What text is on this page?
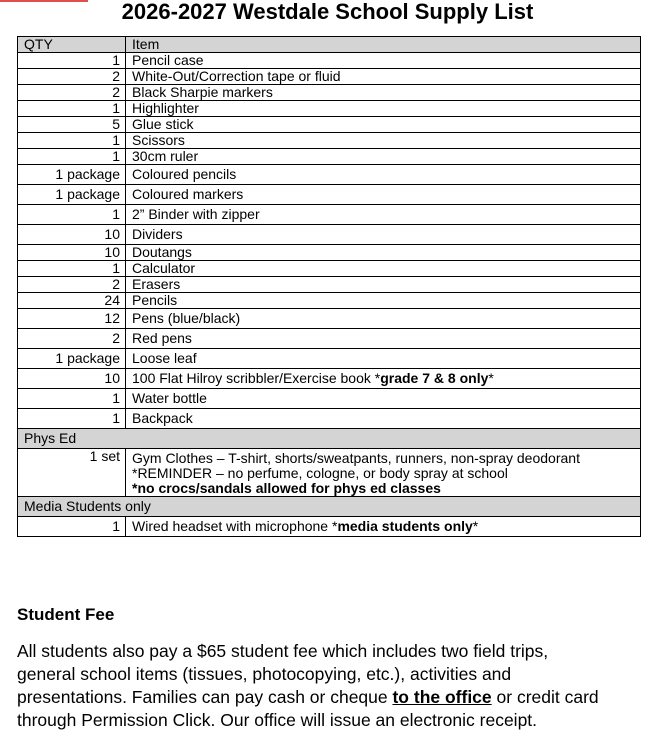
2026-2027 Westdale School Supply List
QTY	Item
1	Pencil case
2	White-Out/Correction tape or fluid
2	Black Sharpie markers
1	Highlighter
5	Glue stick
1	Scissors
1	30cm ruler
1 package	Coloured pencils
1 package	Coloured markers
1	2” Binder with zipper
10	Dividers
10	Doutangs
1	Calculator
2	Erasers
24	Pencils
12	Pens (blue/black)
2	Red pens
1 package	Loose leaf
10	100 Flat Hilroy scribbler/Exercise book *grade 7 & 8 only*
1	Water bottle
1	Backpack
Phys Ed	
1 set	Gym Clothes – T-shirt, shorts/sweatpants, runners, non-spray deodorant
*REMINDER – no perfume, cologne, or body spray at school
*no crocs/sandals allowed for phys ed classes

Media Students only	
1	Wired headset with microphone *media students only*
Student Fee
All students also pay a $65 student fee which includes two field trips,
general school items (tissues, photocopying, etc.), activities and
presentations. Families can pay cash or cheque to the office or credit card
through Permission Click. Our office will issue an electronic receipt.
